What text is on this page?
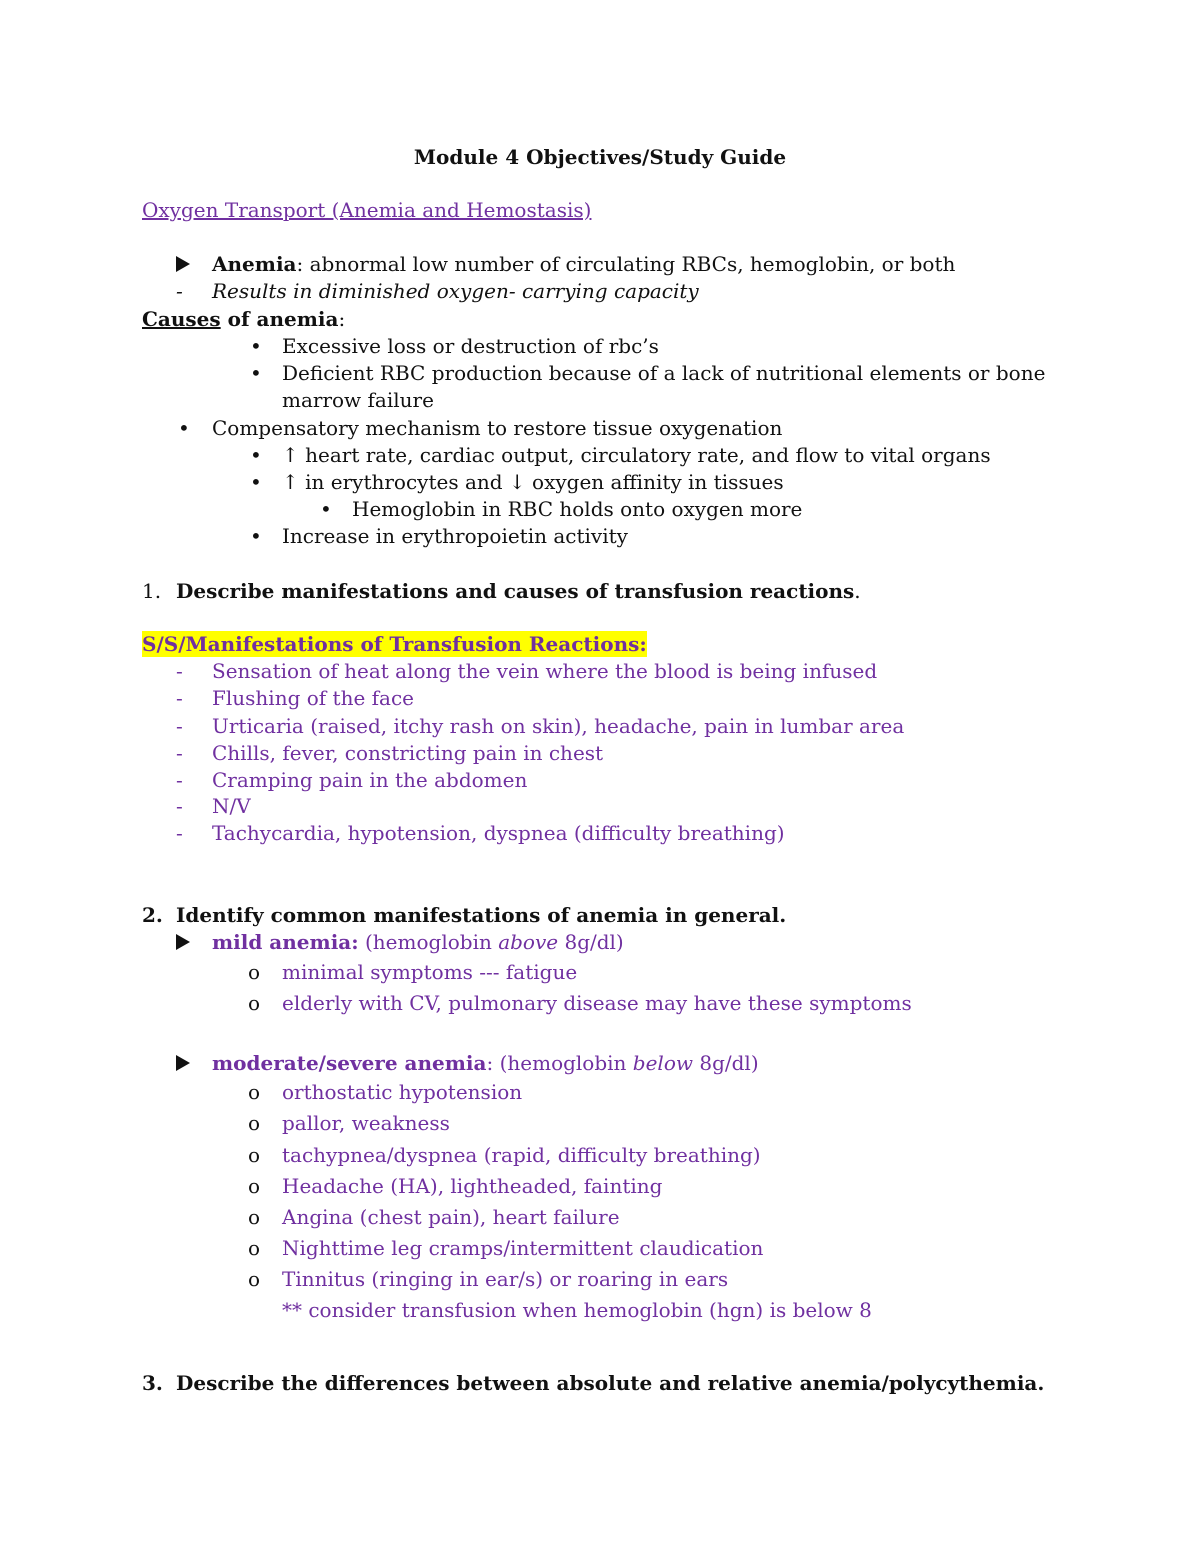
Module 4 Objectives/Study Guide
Oxygen Transport (Anemia and Hemostasis)
Anemia: abnormal low number of circulating RBCs, hemoglobin, or both
- Results in diminished oxygen- carrying capacity
Causes of anemia:
• Excessive loss or destruction of rbc’s
• Deficient RBC production because of a lack of nutritional elements or bone
marrow failure
• Compensatory mechanism to restore tissue oxygenation
• ↑ heart rate, cardiac output, circulatory rate, and flow to vital organs
• ↑ in erythrocytes and ↓ oxygen affinity in tissues
• Hemoglobin in RBC holds onto oxygen more
• Increase in erythropoietin activity
1. Describe manifestations and causes of transfusion reactions.
S/S/Manifestations of Transfusion Reactions:
- Sensation of heat along the vein where the blood is being infused
- Flushing of the face
- Urticaria (raised, itchy rash on skin), headache, pain in lumbar area
- Chills, fever, constricting pain in chest
- Cramping pain in the abdomen
- N/V
- Tachycardia, hypotension, dyspnea (difficulty breathing)
2. Identify common manifestations of anemia in general.
mild anemia: (hemoglobin above 8g/dl)
o minimal symptoms --- fatigue
o elderly with CV, pulmonary disease may have these symptoms
moderate/severe anemia: (hemoglobin below 8g/dl)
o orthostatic hypotension
o pallor, weakness
o tachypnea/dyspnea (rapid, difficulty breathing)
o Headache (HA), lightheaded, fainting
o Angina (chest pain), heart failure
o Nighttime leg cramps/intermittent claudication
o Tinnitus (ringing in ear/s) or roaring in ears
** consider transfusion when hemoglobin (hgn) is below 8
3. Describe the differences between absolute and relative anemia/polycythemia.
